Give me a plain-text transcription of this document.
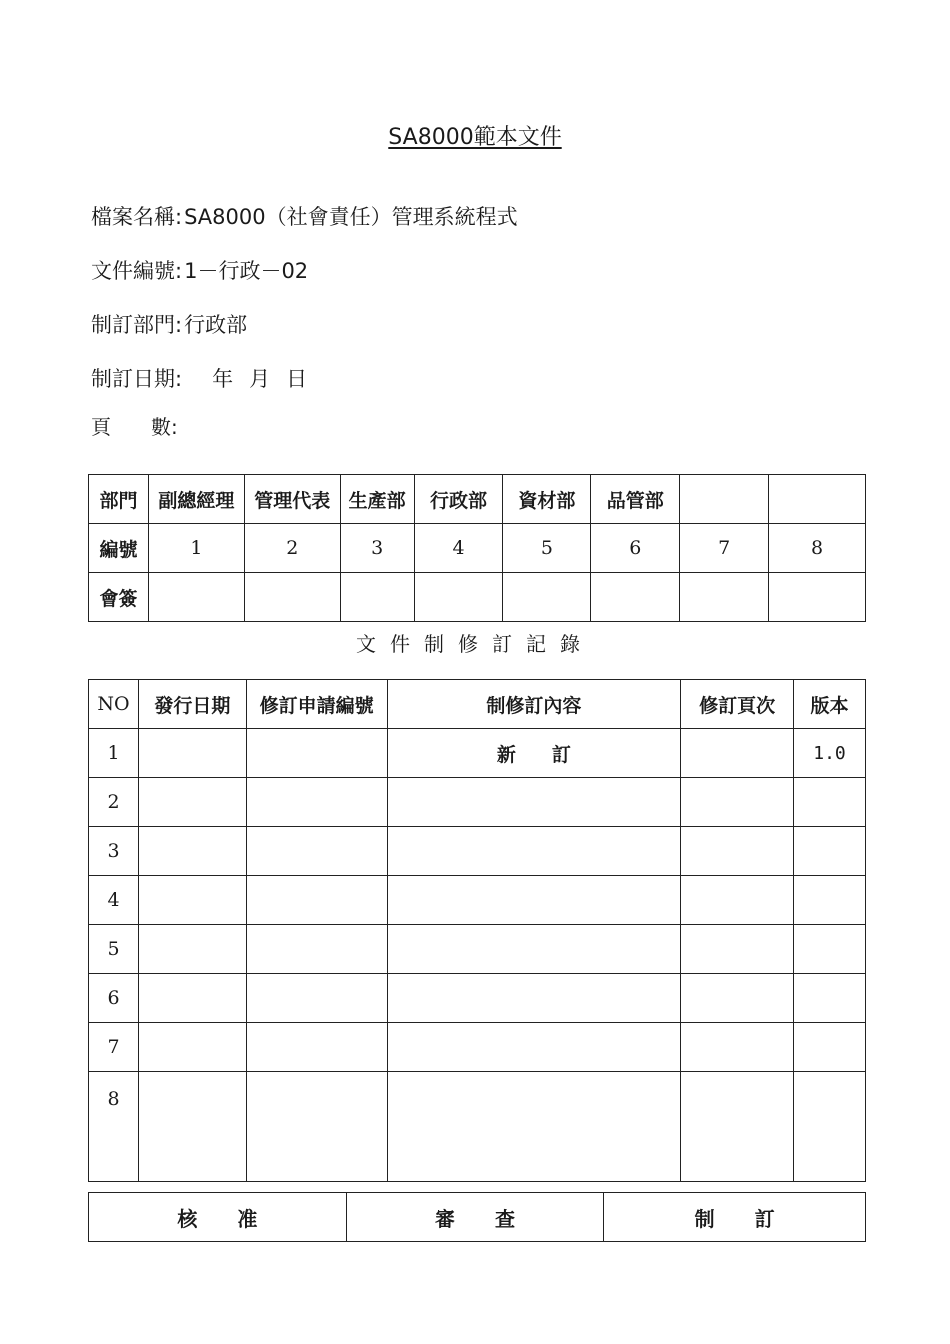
SA8000範本文件
檔案名稱:SA8000（社會責任）管理系統程式
文件編號:1－行政－02
制訂部門:行政部
制訂日期: 年 月 日
頁　　數:
部門	副總經理	管理代表	生產部	行政部	資材部	品管部		
編號	1	2	3	4	5	6	7	8
會簽								
文件制修訂記錄
NO	發行日期	修訂申請編號	制修訂內容	修訂頁次	版本
1			新訂		1.0
2					
3					
4					
5					
6					
7					
8					
核准	審查	制訂
